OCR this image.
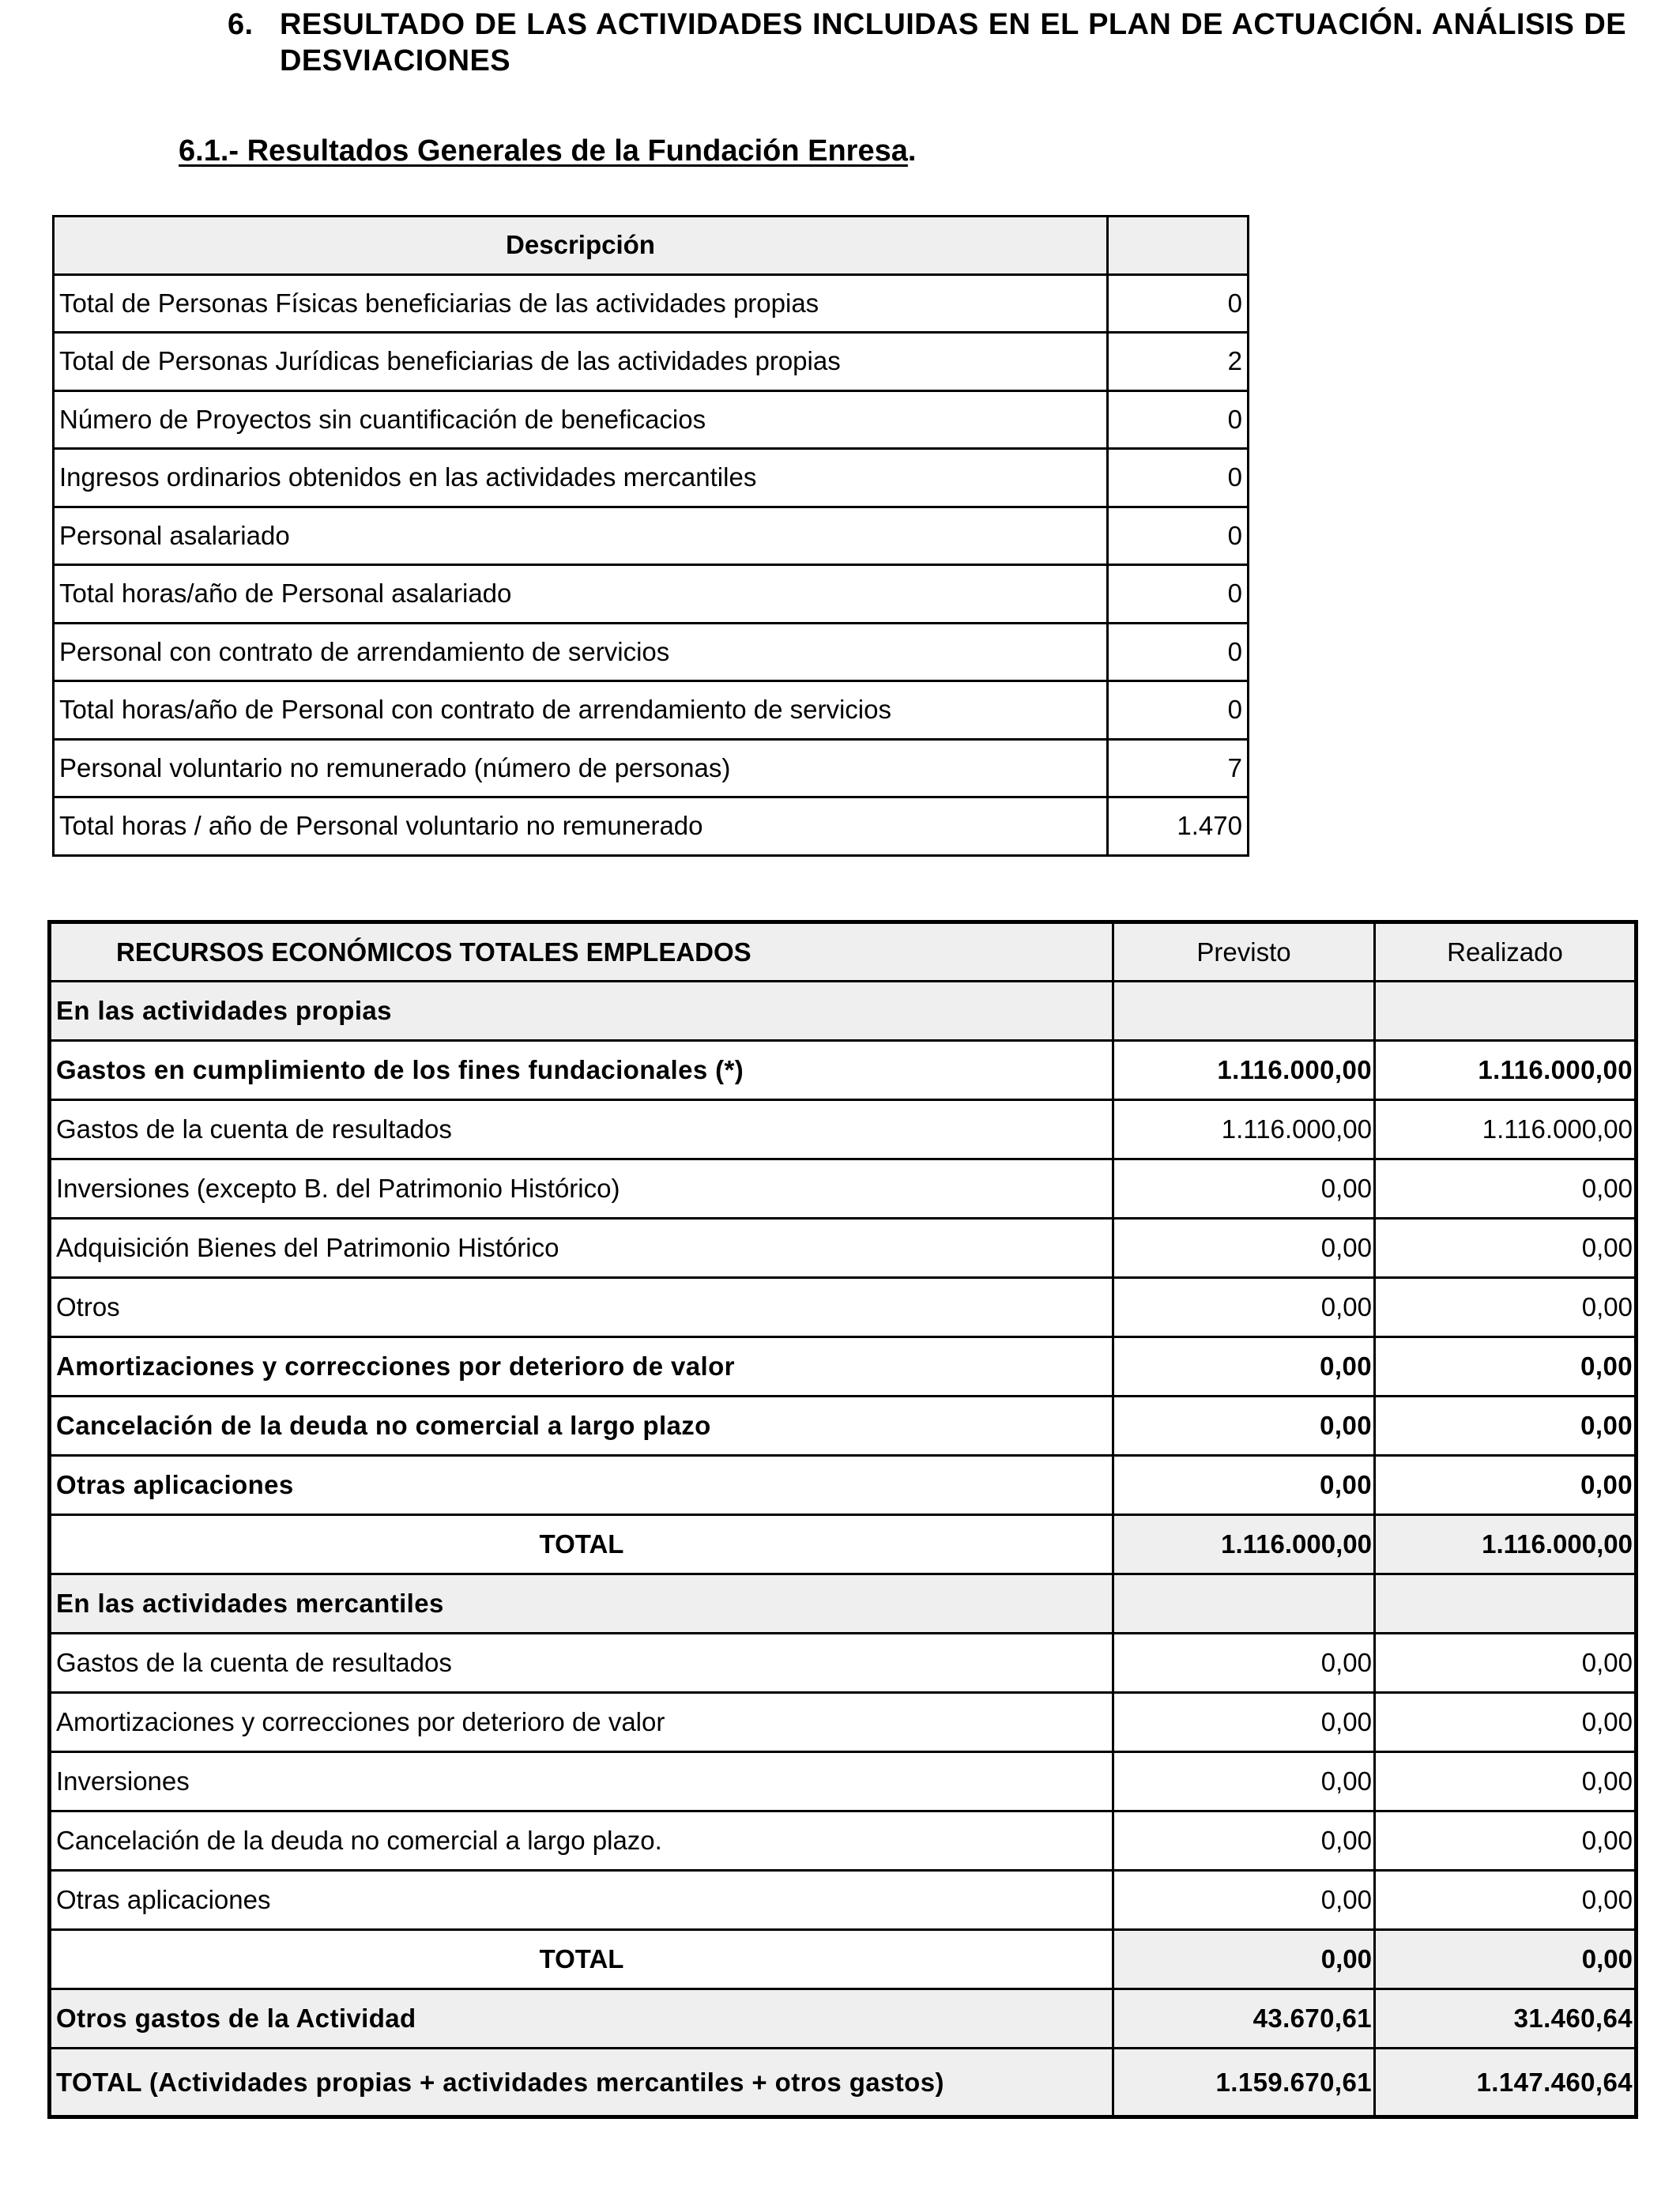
6. RESULTADO DE LAS ACTIVIDADES INCLUIDAS EN EL PLAN DE ACTUACIÓN. ANÁLISIS DE DESVIACIONES
6.1.- Resultados Generales de la Fundación Enresa.
Descripción	
Total de Personas Físicas beneficiarias de las actividades propias	0
Total de Personas Jurídicas beneficiarias de las actividades propias	2
Número de Proyectos sin cuantificación de beneficacios	0
Ingresos ordinarios obtenidos en las actividades mercantiles	0
Personal asalariado	0
Total horas/año de Personal asalariado	0
Personal con contrato de arrendamiento de servicios	0
Total horas/año de Personal con contrato de arrendamiento de servicios	0
Personal voluntario no remunerado (número de personas)	7
Total horas / año de Personal voluntario no remunerado	1.470
RECURSOS ECONÓMICOS TOTALES EMPLEADOS	Previsto	Realizado
En las actividades propias		
Gastos en cumplimiento de los fines fundacionales (*)	1.116.000,00	1.116.000,00
Gastos de la cuenta de resultados	1.116.000,00	1.116.000,00
Inversiones (excepto B. del Patrimonio Histórico)	0,00	0,00
Adquisición Bienes del Patrimonio Histórico	0,00	0,00
Otros	0,00	0,00
Amortizaciones y correcciones por deterioro de valor	0,00	0,00
Cancelación de la deuda no comercial a largo plazo	0,00	0,00
Otras aplicaciones	0,00	0,00
TOTAL	1.116.000,00	1.116.000,00
En las actividades mercantiles		
Gastos de la cuenta de resultados	0,00	0,00
Amortizaciones y correcciones por deterioro de valor	0,00	0,00
Inversiones	0,00	0,00
Cancelación de la deuda no comercial a largo plazo.	0,00	0,00
Otras aplicaciones	0,00	0,00
TOTAL	0,00	0,00
Otros gastos de la Actividad	43.670,61	31.460,64
TOTAL (Actividades propias + actividades mercantiles + otros gastos)	1.159.670,61	1.147.460,64
